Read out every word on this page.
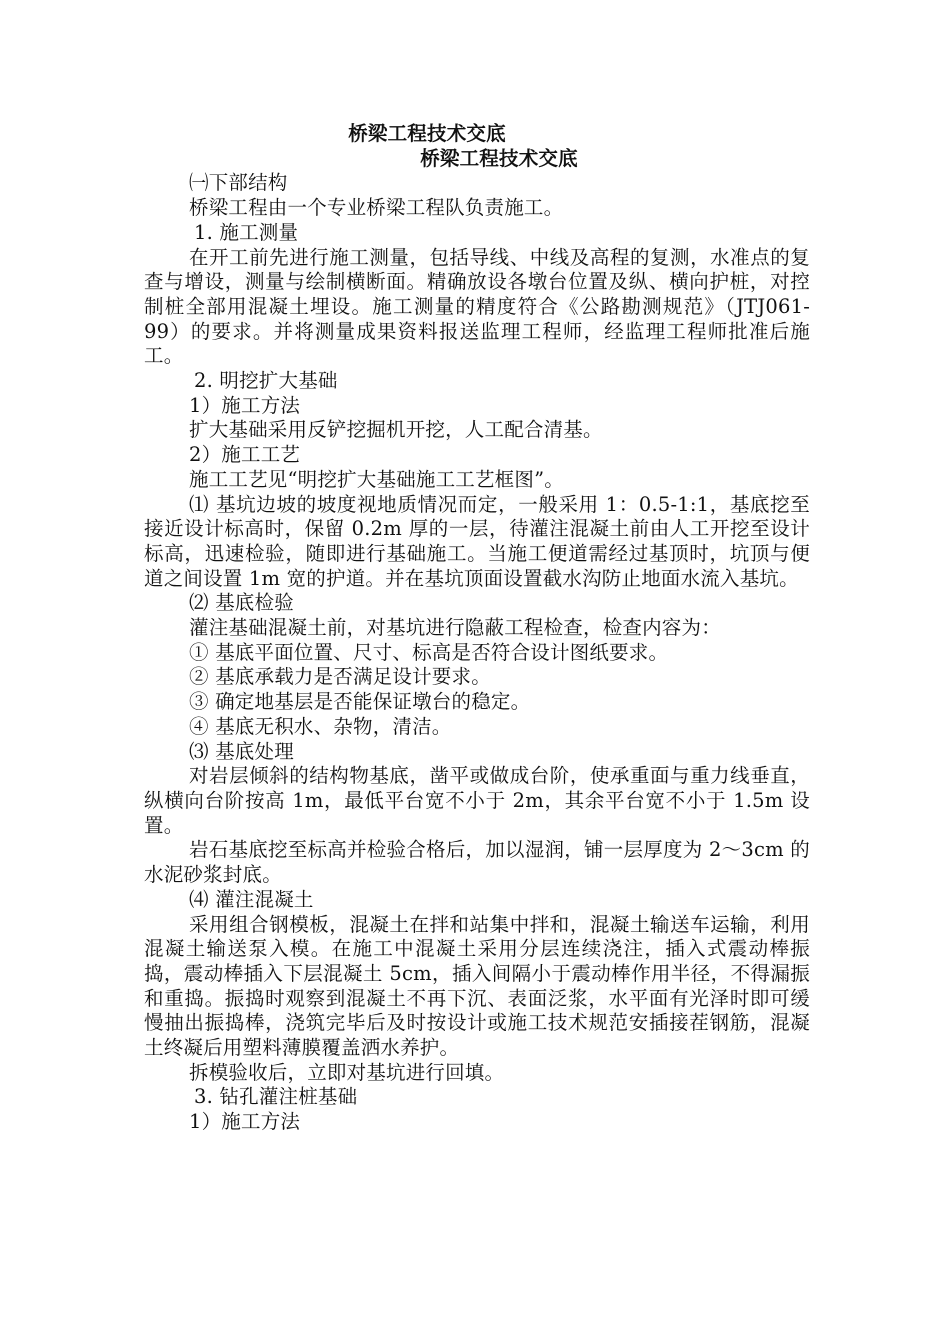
桥梁工程技术交底
桥梁工程技术交底

㈠下部结构

桥梁工程由一个专业桥梁工程队负责施工。

1. 施工测量

在开工前先进行施工测量，包括导线、中线及高程的复测，水准点的复查与增设，测量与绘制横断面。精确放设各墩台位置及纵、横向护桩，对控制桩全部用混凝土埋设。施工测量的精度符合《公路勘测规范》（JTJ061-99）的要求。并将测量成果资料报送监理工程师，经监理工程师批准后施工。

2. 明挖扩大基础

1）施工方法

扩大基础采用反铲挖掘机开挖，人工配合清基。

2）施工工艺

施工工艺见“明挖扩大基础施工工艺框图”。

⑴ 基坑边坡的坡度视地质情况而定，一般采用 1：0.5-1:1，基底挖至接近设计标高时，保留 0.2m 厚的一层，待灌注混凝土前由人工开挖至设计标高，迅速检验，随即进行基础施工。当施工便道需经过基顶时，坑顶与便道之间设置 1m 宽的护道。并在基坑顶面设置截水沟防止地面水流入基坑。

⑵ 基底检验

灌注基础混凝土前，对基坑进行隐蔽工程检查，检查内容为：

① 基底平面位置、尺寸、标高是否符合设计图纸要求。

② 基底承载力是否满足设计要求。

③ 确定地基层是否能保证墩台的稳定。

④ 基底无积水、杂物，清洁。

⑶ 基底处理

对岩层倾斜的结构物基底，凿平或做成台阶，使承重面与重力线垂直，纵横向台阶按高 1m，最低平台宽不小于 2m，其余平台宽不小于 1.5m 设置。

岩石基底挖至标高并检验合格后，加以湿润，铺一层厚度为 2～3cm 的水泥砂浆封底。

⑷ 灌注混凝土

采用组合钢模板，混凝土在拌和站集中拌和，混凝土输送车运输，利用混凝土输送泵入模。在施工中混凝土采用分层连续浇注，插入式震动棒振捣，震动棒插入下层混凝土 5cm，插入间隔小于震动棒作用半径，不得漏振和重捣。振捣时观察到混凝土不再下沉、表面泛浆，水平面有光泽时即可缓慢抽出振捣棒，浇筑完毕后及时按设计或施工技术规范安插接茬钢筋，混凝土终凝后用塑料薄膜覆盖洒水养护。

拆模验收后，立即对基坑进行回填。

3. 钻孔灌注桩基础

1）施工方法
